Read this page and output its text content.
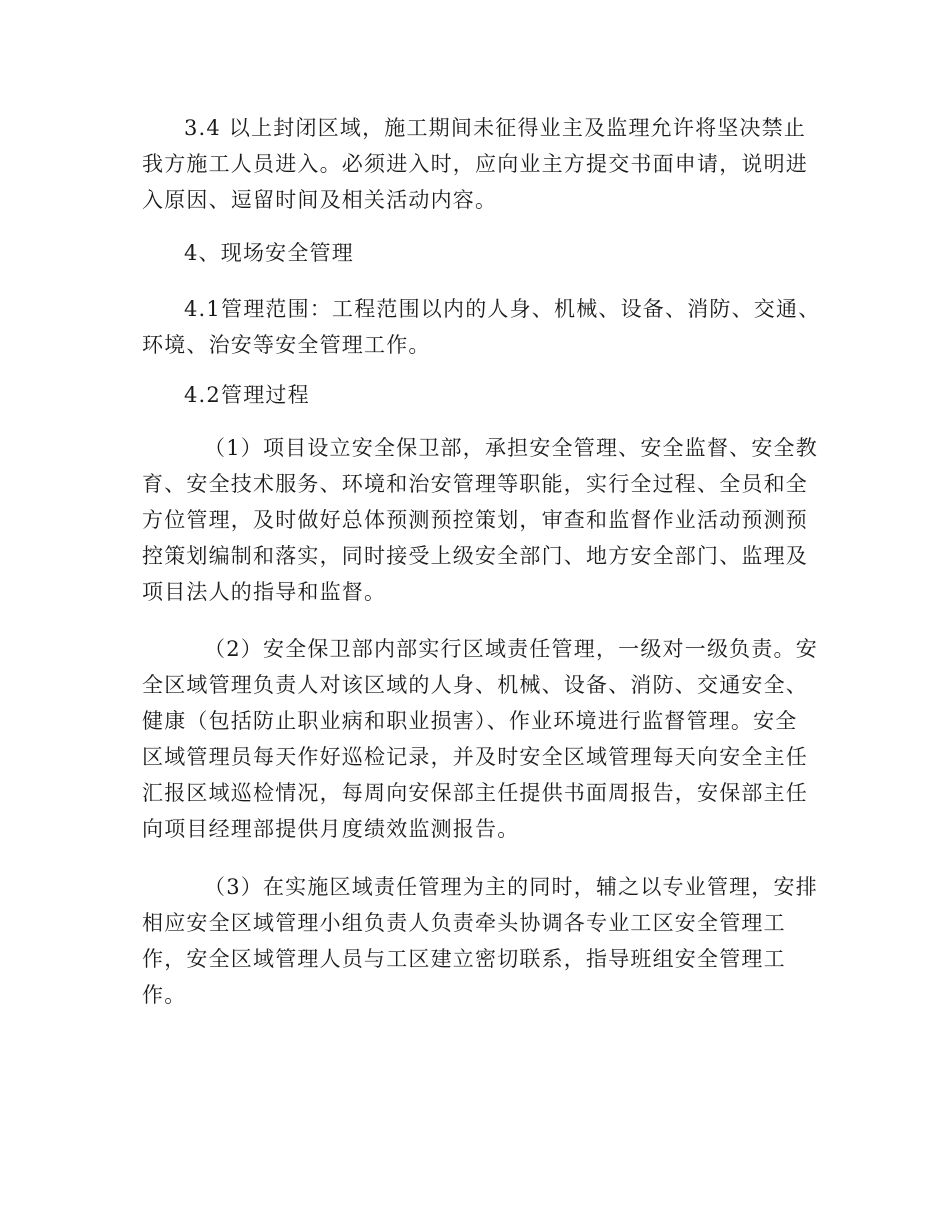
3.4 以上封闭区域，施工期间未征得业主及监理允许将坚决禁止
我方施工人员进入。必须进入时，应向业主方提交书面申请，说明进
入原因、逗留时间及相关活动内容。
4、现场安全管理
4.1管理范围：工程范围以内的人身、机械、设备、消防、交通、
环境、治安等安全管理工作。
4.2管理过程
（1）项目设立安全保卫部，承担安全管理、安全监督、安全教
育、安全技术服务、环境和治安管理等职能，实行全过程、全员和全
方位管理，及时做好总体预测预控策划，审查和监督作业活动预测预
控策划编制和落实，同时接受上级安全部门、地方安全部门、监理及
项目法人的指导和监督。
（2）安全保卫部内部实行区域责任管理，一级对一级负责。安
全区域管理负责人对该区域的人身、机械、设备、消防、交通安全、
健康（包括防止职业病和职业损害）、作业环境进行监督管理。安全
区域管理员每天作好巡检记录，并及时安全区域管理每天向安全主任
汇报区域巡检情况，每周向安保部主任提供书面周报告，安保部主任
向项目经理部提供月度绩效监测报告。
（3）在实施区域责任管理为主的同时，辅之以专业管理，安排
相应安全区域管理小组负责人负责牵头协调各专业工区安全管理工
作，安全区域管理人员与工区建立密切联系，指导班组安全管理工
作。
